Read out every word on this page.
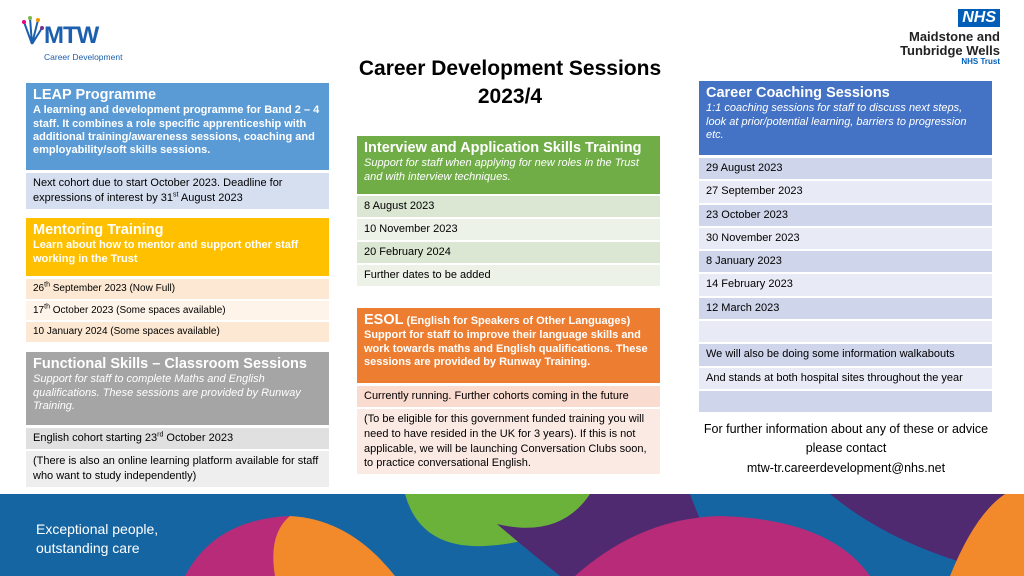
MTW
Career Development
NHS
Maidstone and
Tunbridge Wells
NHS Trust
Career Development Sessions
2023/4
LEAP Programme
A learning and development programme for Band 2 – 4 staff. It combines a role specific apprenticeship with additional training/awareness sessions, coaching and employability/soft skills sessions.
Next cohort due to start October 2023. Deadline for expressions of interest by 31st August 2023
Mentoring Training
Learn about how to mentor and support other staff working in the Trust
26th September 2023 (Now Full)
17th October 2023 (Some spaces available)
10 January 2024 (Some spaces available)
Functional Skills – Classroom Sessions
Support for staff to complete Maths and English qualifications. These sessions are provided by Runway Training.
English cohort starting 23rd October 2023
(There is also an online learning platform available for staff who want to study independently)
Interview and Application Skills Training
Support for staff when applying for new roles in the Trust and with interview techniques.
8 August 2023
10 November 2023
20 February 2024
Further dates to be added
ESOL (English for Speakers of Other Languages)
Support for staff to improve their language skills and work towards maths and English qualifications. These sessions are provided by Runway Training.
Currently running. Further cohorts coming in the future
(To be eligible for this government funded training you will need to have resided in the UK for 3 years). If this is not applicable, we will be launching Conversation Clubs soon, to practice conversational English.
Career Coaching Sessions
1:1 coaching sessions for staff to discuss next steps, look at prior/potential learning, barriers to progression etc.
29 August 2023
27 September 2023
23 October 2023
30 November 2023
8 January 2023
14 February 2023
12 March 2023
We will also be doing some information walkabouts
And stands at both hospital sites throughout the year
For further information about any of these or advice please contact
mtw-tr.careerdevelopment@nhs.net
Exceptional people,
outstanding care
